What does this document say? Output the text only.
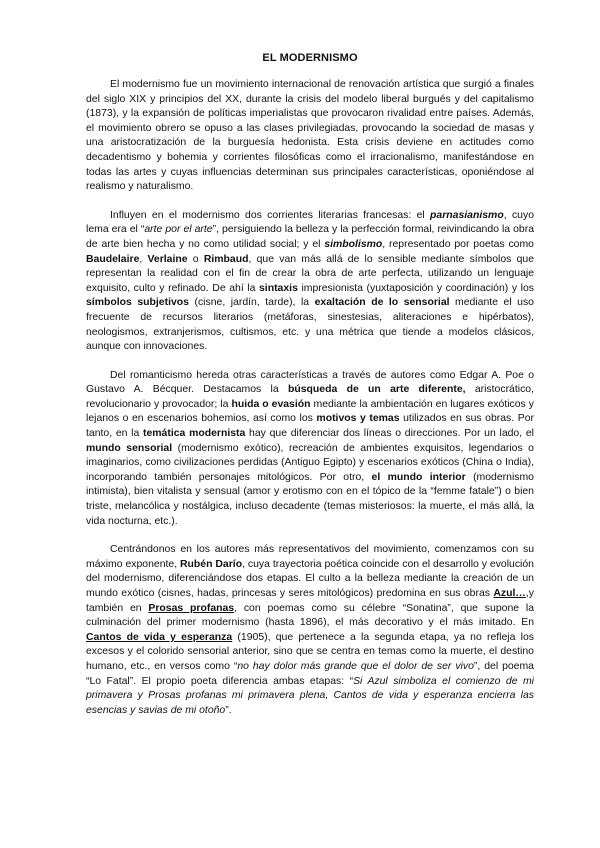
EL MODERNISMO

El modernismo fue un movimiento internacional de renovación artística que surgió a finales del siglo XIX y principios del XX, durante la crisis del modelo liberal burgués y del capitalismo (1873), y la expansión de políticas imperialistas que provocaron rivalidad entre países. Además, el movimiento obrero se opuso a las clases privilegiadas, provocando la sociedad de masas y una aristocratización de la burguesía hedonista. Esta crisis deviene en actitudes como decadentismo y bohemia y corrientes filosóficas como el irracionalismo, manifestándose en todas las artes y cuyas influencias determinan sus principales características, oponiéndose al realismo y naturalismo.

Influyen en el modernismo dos corrientes literarias francesas: el parnasianismo, cuyo lema era el “arte por el arte”, persiguiendo la belleza y la perfección formal, reivindicando la obra de arte bien hecha y no como utilidad social; y el simbolismo, representado por poetas como Baudelaire, Verlaine o Rimbaud, que van más allá de lo sensible mediante símbolos que representan la realidad con el fin de crear la obra de arte perfecta, utilizando un lenguaje exquisito, culto y refinado. De ahí la sintaxis impresionista (yuxtaposición y coordinación) y los símbolos subjetivos (cisne, jardín, tarde), la exaltación de lo sensorial mediante el uso frecuente de recursos literarios (metáforas, sinestesias, aliteraciones e hipérbatos), neologismos, extranjerismos, cultismos, etc. y una métrica que tiende a modelos clásicos, aunque con innovaciones.

Del romanticismo hereda otras características a través de autores como Edgar A. Poe o Gustavo A. Bécquer. Destacamos la búsqueda de un arte diferente, aristocrático, revolucionario y provocador; la huida o evasión mediante la ambientación en lugares exóticos y lejanos o en escenarios bohemios, así como los motivos y temas utilizados en sus obras. Por tanto, en la temática modernista hay que diferenciar dos líneas o direcciones. Por un lado, el mundo sensorial (modernismo exótico), recreación de ambientes exquisitos, legendarios o imaginarios, como civilizaciones perdidas (Antiguo Egipto) y escenarios exóticos (China o India), incorporando también personajes mitológicos. Por otro, el mundo interior (modernismo intimista), bien vitalista y sensual (amor y erotismo con en el tópico de la “femme fatale”) o bien triste, melancólica y nostálgica, incluso decadente (temas misteriosos: la muerte, el más allá, la vida nocturna, etc.).

Centrándonos en los autores más representativos del movimiento, comenzamos con su máximo exponente, Rubén Darío, cuya trayectoria poética coincide con el desarrollo y evolución del modernismo, diferenciándose dos etapas. El culto a la belleza mediante la creación de un mundo exótico (cisnes, hadas, princesas y seres mitológicos) predomina en sus obras Azul…,y también en Prosas profanas, con poemas como su célebre “Sonatina”, que supone la culminación del primer modernismo (hasta 1896), el más decorativo y el más imitado. En Cantos de vida y esperanza (1905), que pertenece a la segunda etapa, ya no refleja los excesos y el colorido sensorial anterior, sino que se centra en temas como la muerte, el destino humano, etc., en versos como “no hay dolor más grande que el dolor de ser vivo”, del poema “Lo Fatal”. El propio poeta diferencia ambas etapas: “Si Azul simboliza el comienzo de mi primavera y Prosas profanas mi primavera plena, Cantos de vida y esperanza encierra las esencias y savias de mi otoño”.
